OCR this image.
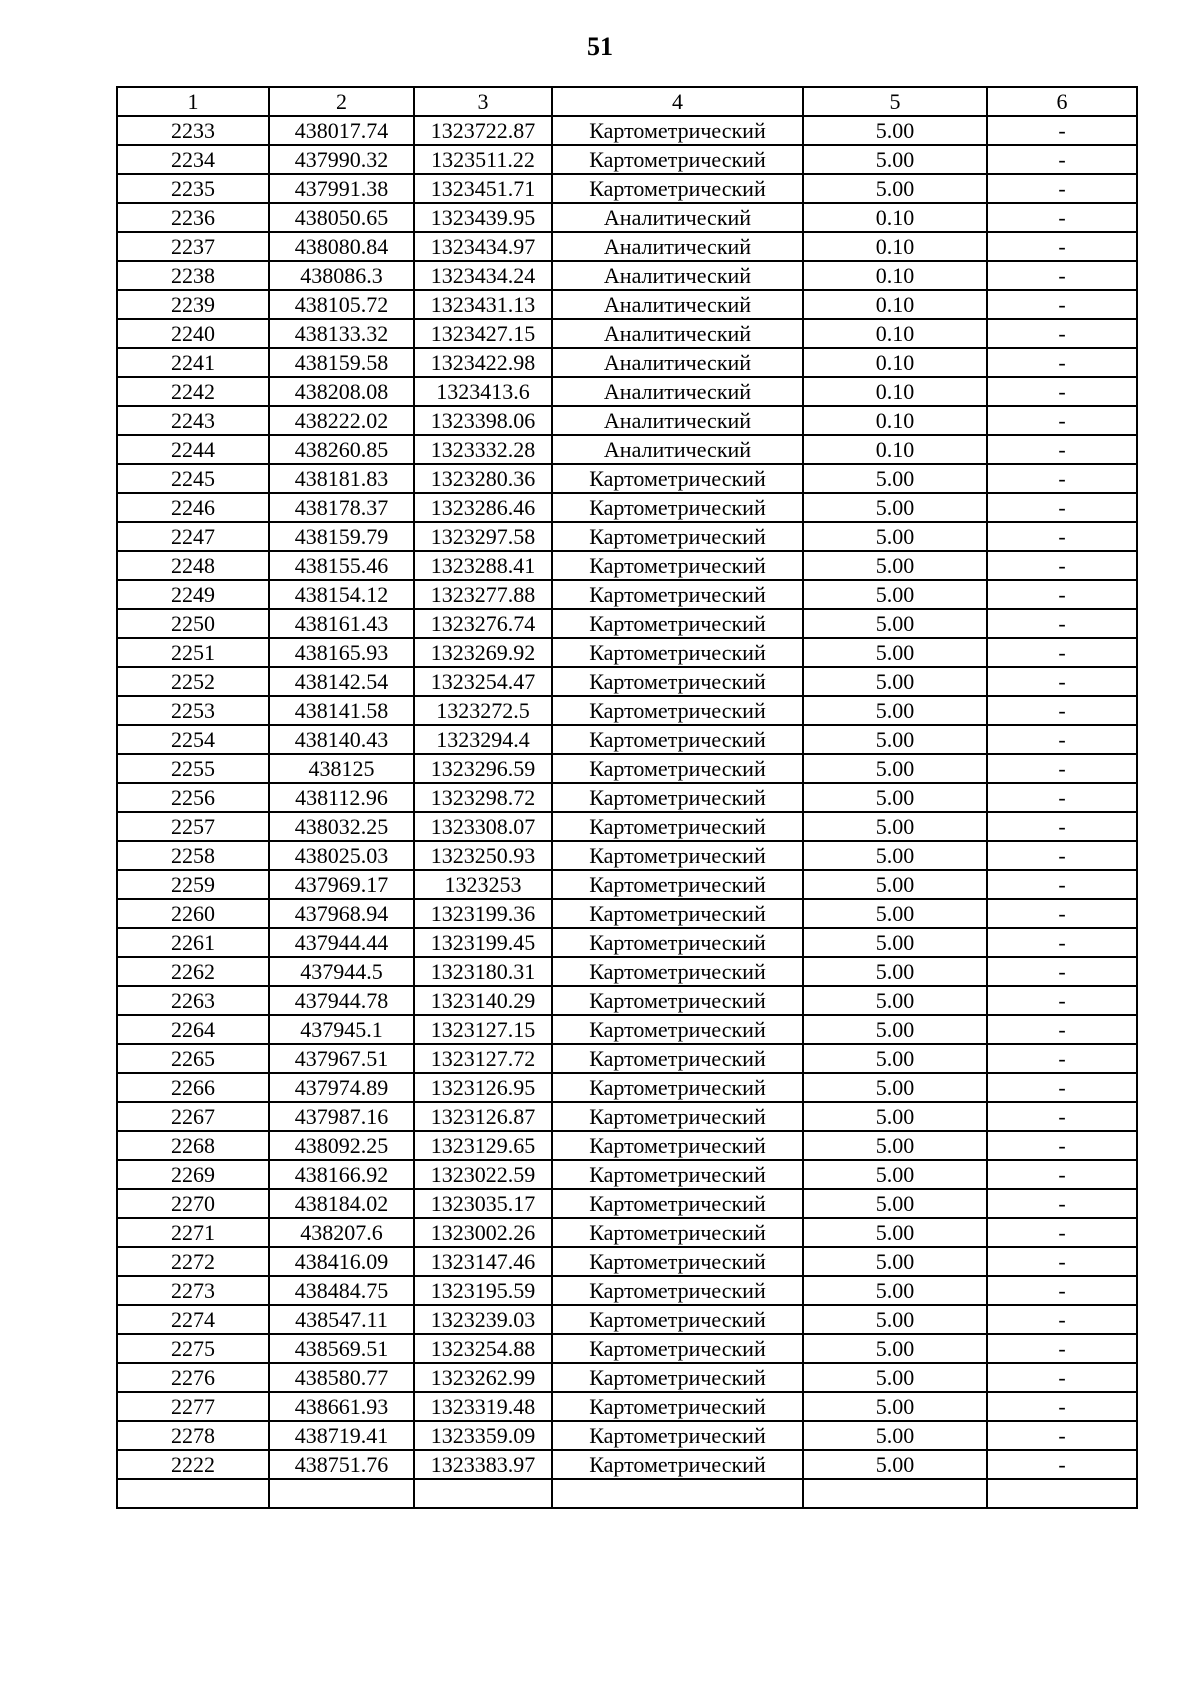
51
1	2	3	4	5	6
2233	438017.74	1323722.87	Картометрический	5.00	-
2234	437990.32	1323511.22	Картометрический	5.00	-
2235	437991.38	1323451.71	Картометрический	5.00	-
2236	438050.65	1323439.95	Аналитический	0.10	-
2237	438080.84	1323434.97	Аналитический	0.10	-
2238	438086.3	1323434.24	Аналитический	0.10	-
2239	438105.72	1323431.13	Аналитический	0.10	-
2240	438133.32	1323427.15	Аналитический	0.10	-
2241	438159.58	1323422.98	Аналитический	0.10	-
2242	438208.08	1323413.6	Аналитический	0.10	-
2243	438222.02	1323398.06	Аналитический	0.10	-
2244	438260.85	1323332.28	Аналитический	0.10	-
2245	438181.83	1323280.36	Картометрический	5.00	-
2246	438178.37	1323286.46	Картометрический	5.00	-
2247	438159.79	1323297.58	Картометрический	5.00	-
2248	438155.46	1323288.41	Картометрический	5.00	-
2249	438154.12	1323277.88	Картометрический	5.00	-
2250	438161.43	1323276.74	Картометрический	5.00	-
2251	438165.93	1323269.92	Картометрический	5.00	-
2252	438142.54	1323254.47	Картометрический	5.00	-
2253	438141.58	1323272.5	Картометрический	5.00	-
2254	438140.43	1323294.4	Картометрический	5.00	-
2255	438125	1323296.59	Картометрический	5.00	-
2256	438112.96	1323298.72	Картометрический	5.00	-
2257	438032.25	1323308.07	Картометрический	5.00	-
2258	438025.03	1323250.93	Картометрический	5.00	-
2259	437969.17	1323253	Картометрический	5.00	-
2260	437968.94	1323199.36	Картометрический	5.00	-
2261	437944.44	1323199.45	Картометрический	5.00	-
2262	437944.5	1323180.31	Картометрический	5.00	-
2263	437944.78	1323140.29	Картометрический	5.00	-
2264	437945.1	1323127.15	Картометрический	5.00	-
2265	437967.51	1323127.72	Картометрический	5.00	-
2266	437974.89	1323126.95	Картометрический	5.00	-
2267	437987.16	1323126.87	Картометрический	5.00	-
2268	438092.25	1323129.65	Картометрический	5.00	-
2269	438166.92	1323022.59	Картометрический	5.00	-
2270	438184.02	1323035.17	Картометрический	5.00	-
2271	438207.6	1323002.26	Картометрический	5.00	-
2272	438416.09	1323147.46	Картометрический	5.00	-
2273	438484.75	1323195.59	Картометрический	5.00	-
2274	438547.11	1323239.03	Картометрический	5.00	-
2275	438569.51	1323254.88	Картометрический	5.00	-
2276	438580.77	1323262.99	Картометрический	5.00	-
2277	438661.93	1323319.48	Картометрический	5.00	-
2278	438719.41	1323359.09	Картометрический	5.00	-
2222	438751.76	1323383.97	Картометрический	5.00	-
